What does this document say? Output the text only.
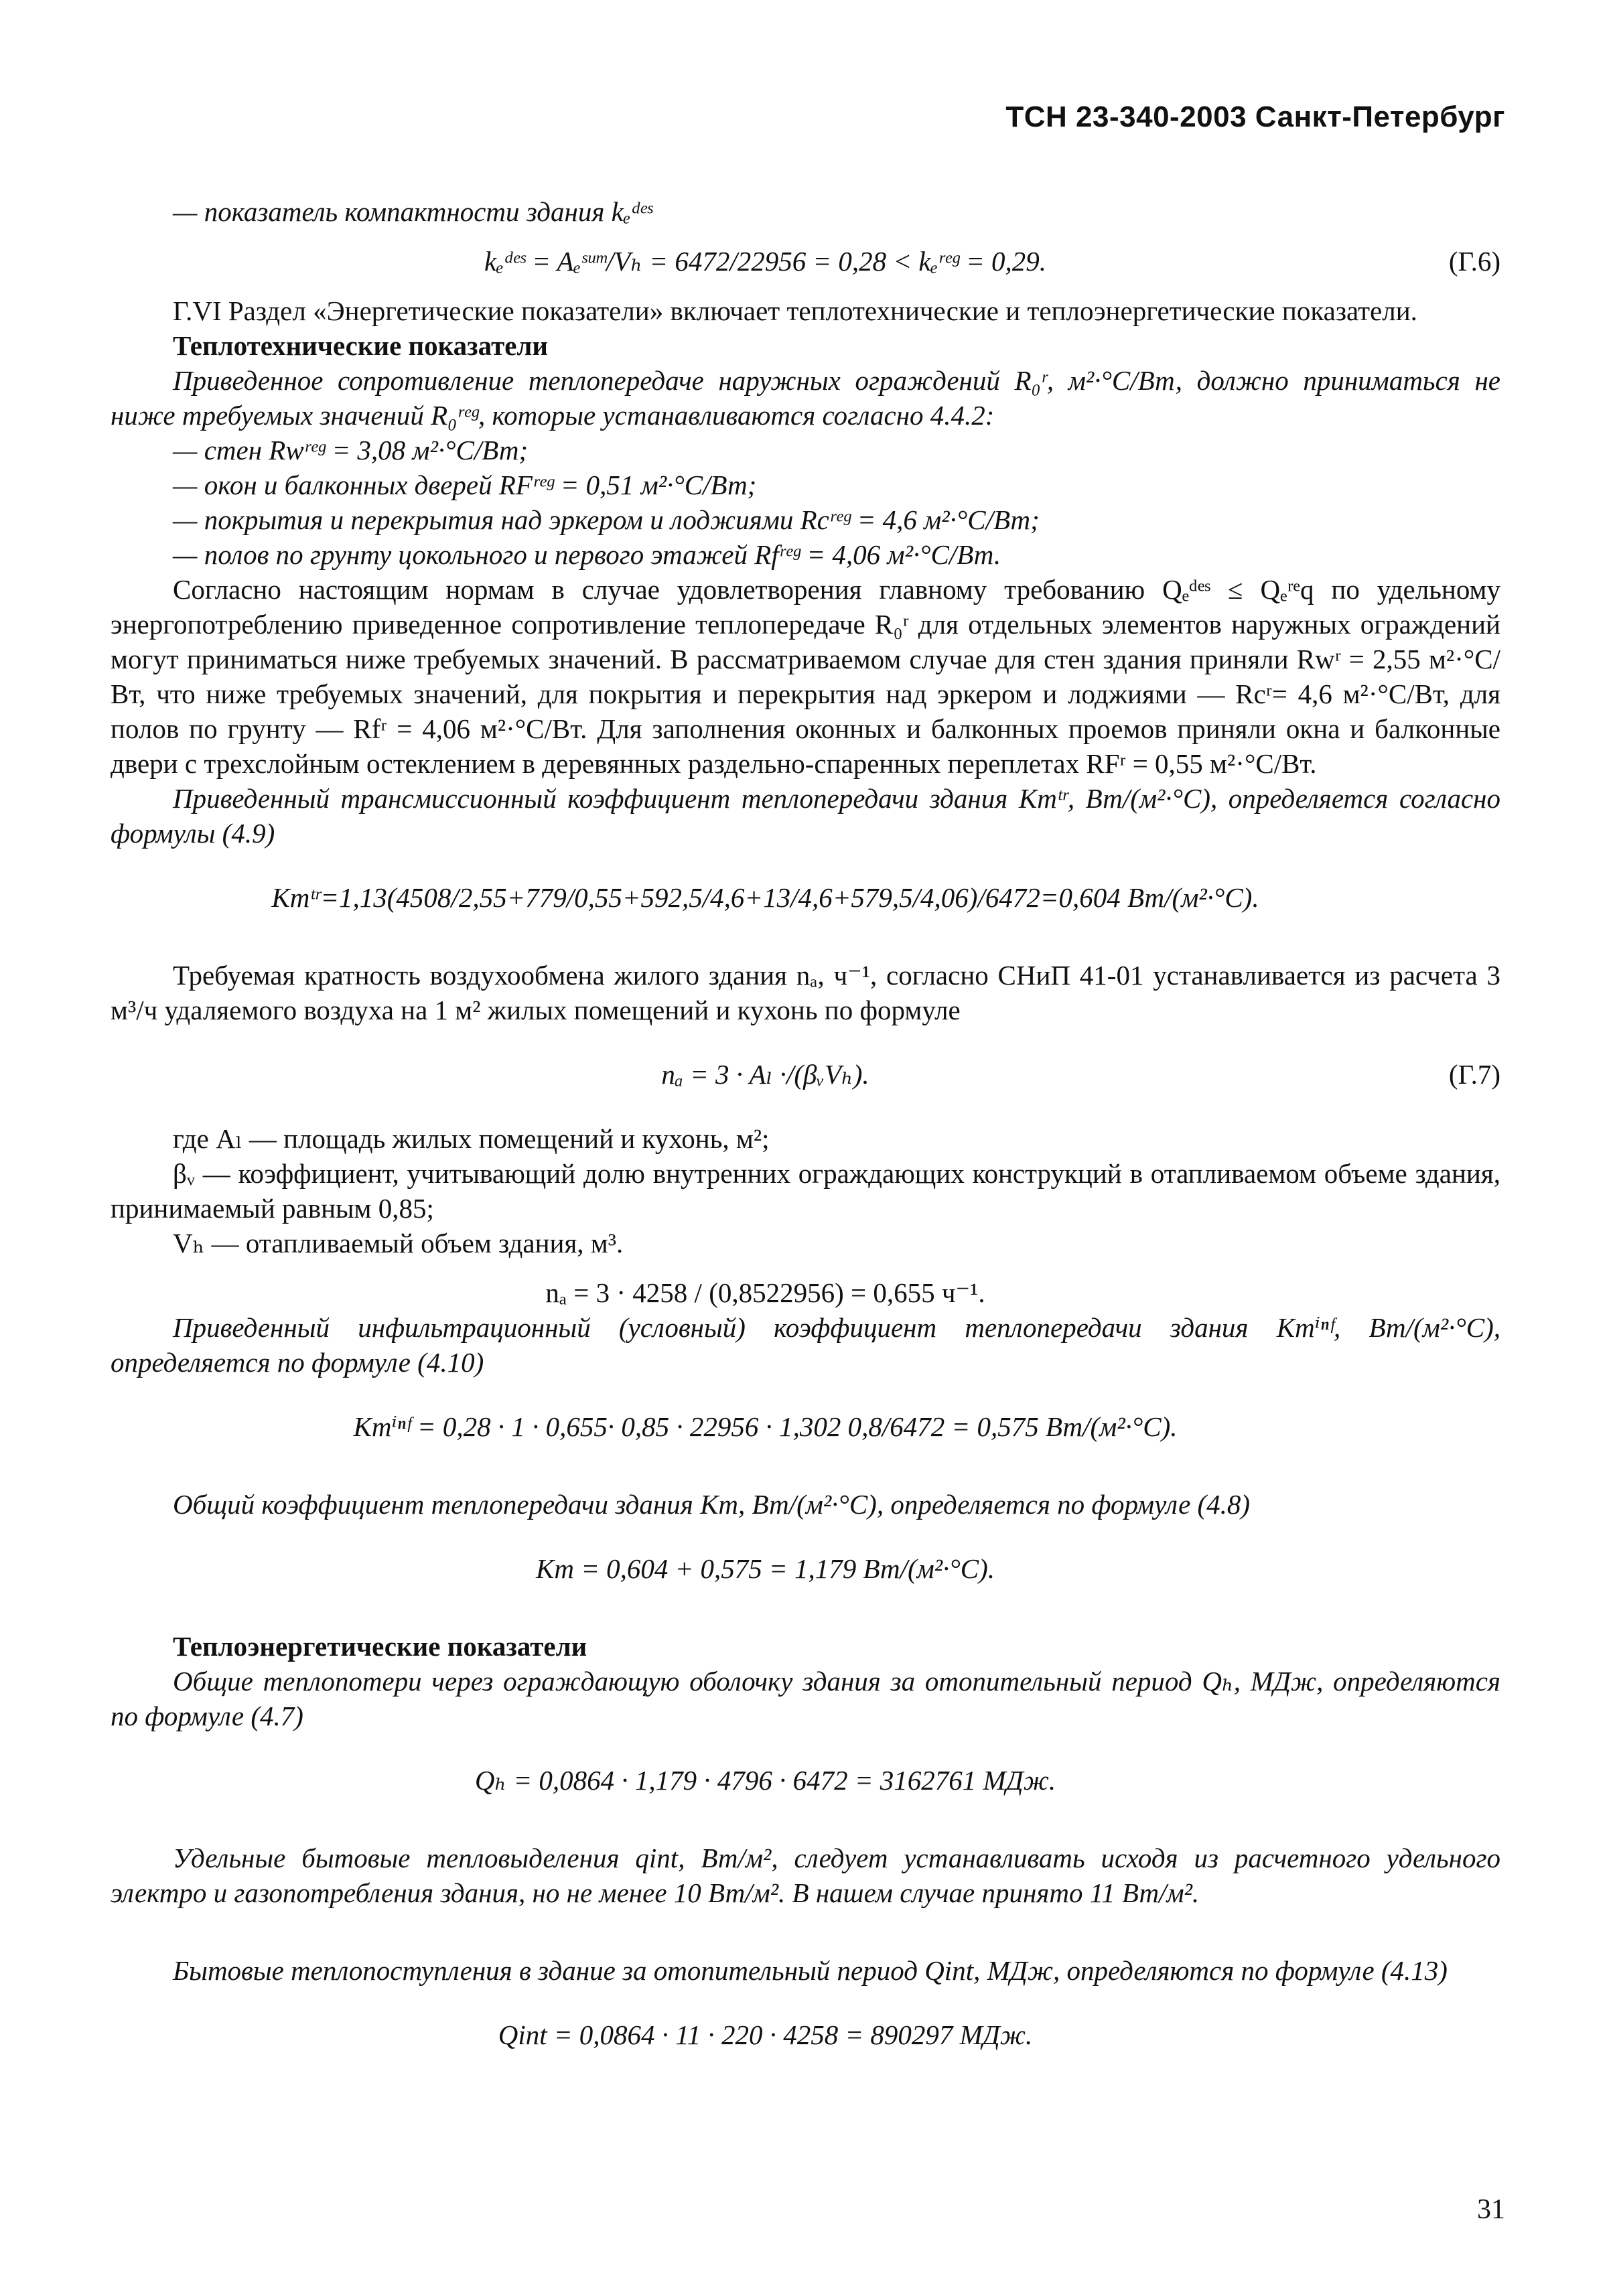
ТСН 23-340-2003 Санкт-Петербург

— показатель компактности здания kₑᵈᵉˢ

kₑᵈᵉˢ = Aₑˢᵘᵐ/Vₕ = 6472/22956 = 0,28 < kₑʳᵉᵍ = 0,29.	(Г.6)

Г.VI Раздел «Энергетические показатели» включает теплотехнические и теплоэнергетические показатели.

Теплотехнические показатели

Приведенное сопротивление теплопередаче наружных ограждений R₀ʳ, м²·°С/Вт, должно приниматься не ниже требуемых значений R₀ʳᵉᵍ, которые устанавливаются согласно 4.4.2:

— стен Rwʳᵉᵍ = 3,08 м²·°С/Вт;

— окон и балконных дверей RFʳᵉᵍ = 0,51 м²·°С/Вт;

— покрытия и перекрытия над эркером и лоджиями Rcʳᵉᵍ = 4,6 м²·°С/Вт;

— полов по грунту цокольного и первого этажей Rfʳᵉᵍ = 4,06 м²·°С/Вт.

Согласно настоящим нормам в случае удовлетворения главному требованию Qₑᵈᵉˢ ≤ Qₑʳᵉq по удельному энергопотреблению приведенное сопротивление теплопередаче R₀ʳ для отдельных элементов наружных ограждений могут приниматься ниже требуемых значений. В рассматриваемом случае для стен здания приняли Rwʳ = 2,55 м²·°С/Вт, что ниже требуемых значений, для покрытия и перекрытия над эркером и лоджиями — Rcʳ= 4,6 м²·°С/Вт, для полов по грунту — Rfʳ = 4,06 м²·°С/Вт. Для заполнения оконных и балконных проемов приняли окна и балконные двери с трехслойным остеклением в деревянных раздельно-спаренных переплетах RFʳ = 0,55 м²·°С/Вт.

Приведенный трансмиссионный коэффициент теплопередачи здания Kmᵗʳ, Вт/(м²·°С), определяется согласно формулы (4.9)

Kmᵗʳ=1,13(4508/2,55+779/0,55+592,5/4,6+13/4,6+579,5/4,06)/6472=0,604 Вт/(м²·°С).

Требуемая кратность воздухообмена жилого здания nₐ, ч⁻¹, согласно СНиП 41-01 устанавливается из расчета 3 м³/ч удаляемого воздуха на 1 м² жилых помещений и кухонь по формуле

nₐ = 3 · Aₗ ·/(βᵥVₕ).	(Г.7)

где Aₗ — площадь жилых помещений и кухонь, м²;

βᵥ — коэффициент, учитывающий долю внутренних ограждающих конструкций в отапливаемом объеме здания, принимаемый равным 0,85;

Vₕ — отапливаемый объем здания, м³.

nₐ = 3 · 4258 / (0,8522956) = 0,655 ч⁻¹.

Приведенный инфильтрационный (условный) коэффициент теплопередачи здания Kmⁱⁿᶠ, Вт/(м²·°С), определяется по формуле (4.10)

Kmⁱⁿᶠ = 0,28 · 1 · 0,655· 0,85 · 22956 · 1,302 0,8/6472 = 0,575 Вт/(м²·°С).

Общий коэффициент теплопередачи здания Km, Вт/(м²·°С), определяется по формуле (4.8)

Km = 0,604 + 0,575 = 1,179 Вт/(м²·°С).

Теплоэнергетические показатели

Общие теплопотери через ограждающую оболочку здания за отопительный период Qₕ, МДж, определяются по формуле (4.7)

Qₕ = 0,0864 · 1,179 · 4796 · 6472 = 3162761 МДж.

Удельные бытовые тепловыделения qint, Вт/м², следует устанавливать исходя из расчетного удельного электро и газопотребления здания, но не менее 10 Вт/м². В нашем случае принято 11 Вт/м².

Бытовые теплопоступления в здание за отопительный период Qint, МДж, определяются по формуле (4.13)

Qint = 0,0864 · 11 · 220 · 4258 = 890297 МДж.

31
